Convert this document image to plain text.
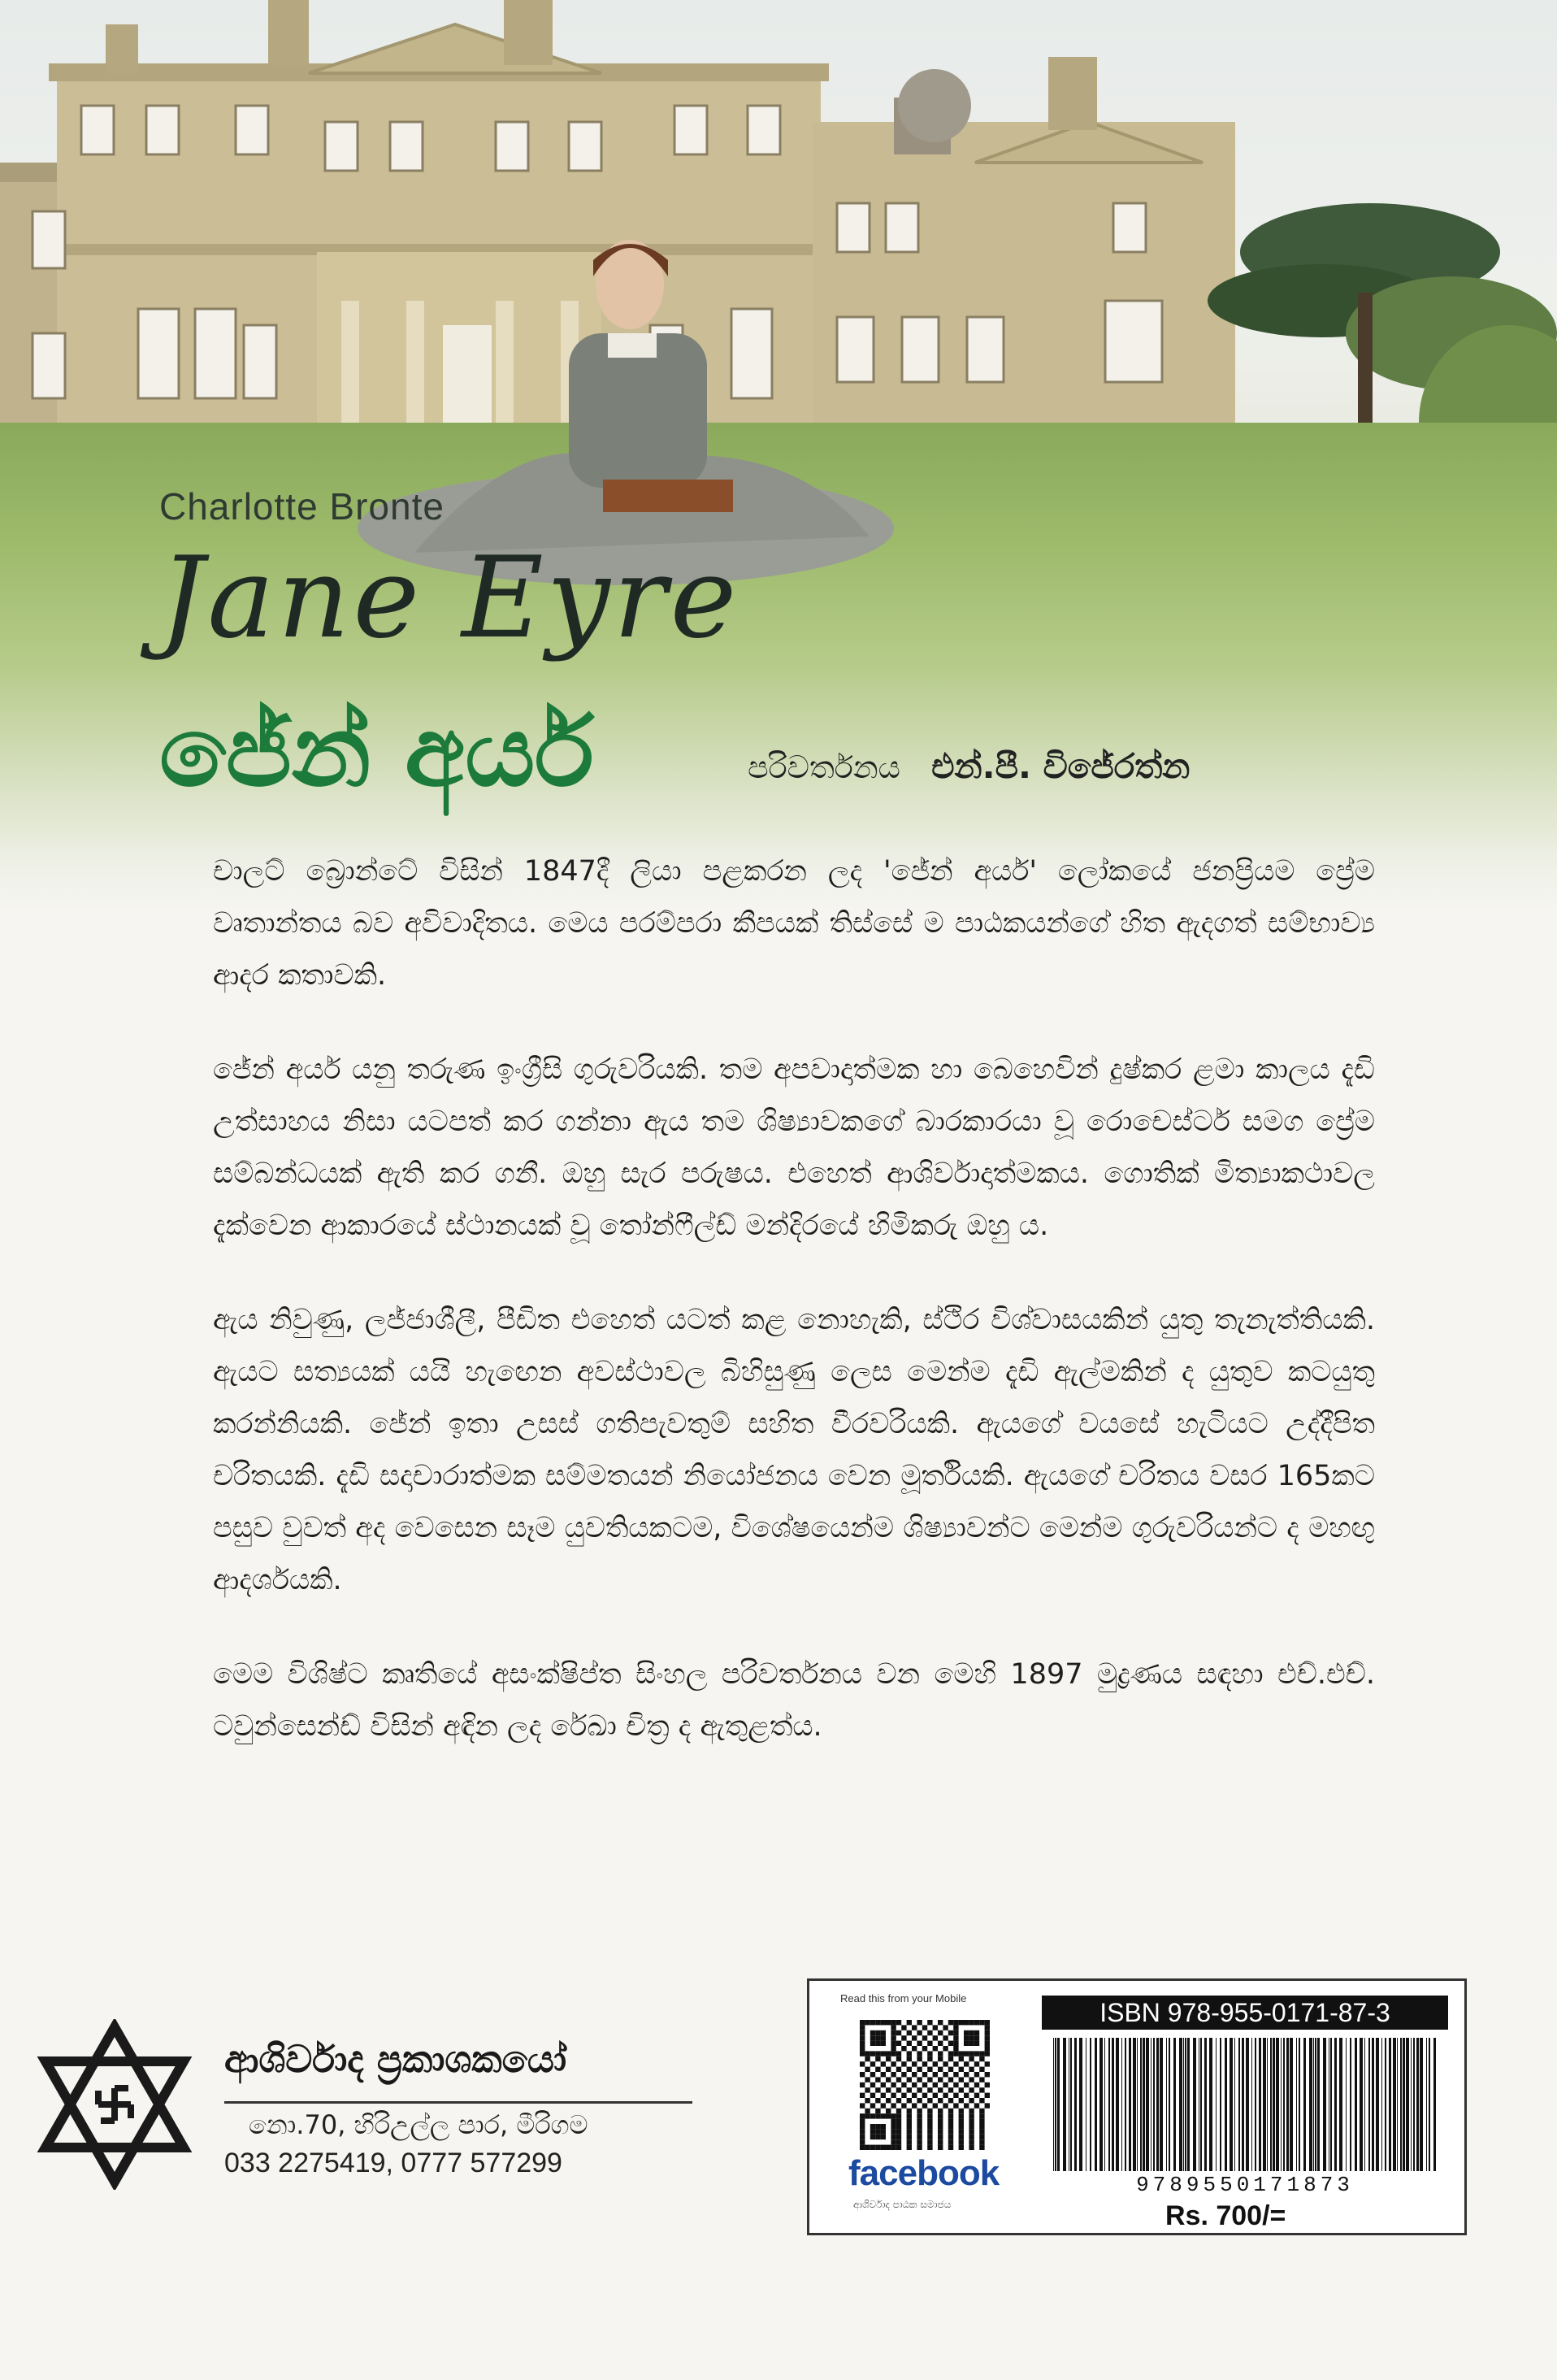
Charlotte Bronte
Jane Eyre
ජේන් අයර්	පරිවර්තනය එන්.පී. විජේරත්න

චාලට් බ්‍රොන්ටේ විසින් 1847දී ලියා පළකරන ලද 'ජේන් අයර්' ලෝකයේ ජනප්‍රියම ප්‍රේම වෘතාන්තය බව අවිවාදිතය. මෙය පරම්පරා කීපයක් තිස්සේ ම පාඨකයන්ගේ හිත ඇදගත් සම්භාව්‍ය ආදර කතාවකි.

ජේන් අයර් යනු තරුණ ඉංග්‍රීසි ගුරුවරියකි. තම අපවාදාත්මක හා බෙහෙවින් දුෂ්කර ළමා කාලය දැඩි උත්සාහය නිසා යටපත් කර ගන්නා ඇය තම ශිෂ්‍යාවකගේ බාරකාරයා වූ රොචෙස්ටර් සමග ප්‍රේම සම්බන්ධයක් ඇති කර ගනී. ඔහු සැර පරුෂය. එහෙත් ආශිර්වාදාත්මකය. ගොතික් මිත්‍යාකථාවල දැක්වෙන ආකාරයේ ස්ථානයක් වූ තෝන්ෆීල්ඩ් මන්දිරයේ හිමිකරු ඔහු ය.

ඇය නිවුණු, ලජ්ජාශීලී, පීඩිත එහෙත් යටත් කළ නොහැකි, ස්ථිර විශ්වාසයකින් යුතු තැනැත්තියකි. ඇයට සත්‍යයක් යයි හැඟෙන අවස්ථාවල බිහිසුණු ලෙස මෙන්ම දැඩි ඇල්මකින් ද යුතුව කටයුතු කරන්නියකි. ජේන් ඉතා උසස් ගතිපැවතුම් සහිත වීරවරියකි. ඇයගේ වයසේ හැටියට උද්දීපිත චරිතයකි. දැඩි සදාචාරාත්මක සම්මතයන් නියෝජනය වෙන මූර්තියකි. ඇයගේ චරිතය වසර 165කට පසුව වුවත් අද වෙසෙන සෑම යුවතියකටම, විශේෂයෙන්ම ශිෂ්‍යාවන්ට මෙන්ම ගුරුවරියන්ට ද මහඟු ආදර්ශයකි.

මෙම විශිෂ්ට කෘතියේ අසංක්ෂිප්ත සිංහල පරිවර්තනය වන මෙහි 1897 මුද්‍රණය සඳහා එච්.එච්. ටවුන්සෙන්ඩ් විසින් අඳින ලද රේඛා චිත්‍ර ද ඇතුළත්ය.

ආශිර්වාද ප්‍රකාශකයෝ
නො.70, හිරිඋල්ල පාර, මීරිගම
033 2275419, 0777 577299
Read this from your Mobile
facebook
ආශිර්වාද පාඨක සමාජය
ISBN 978-955-0171-87-3
9789550171873
Rs. 700/=
